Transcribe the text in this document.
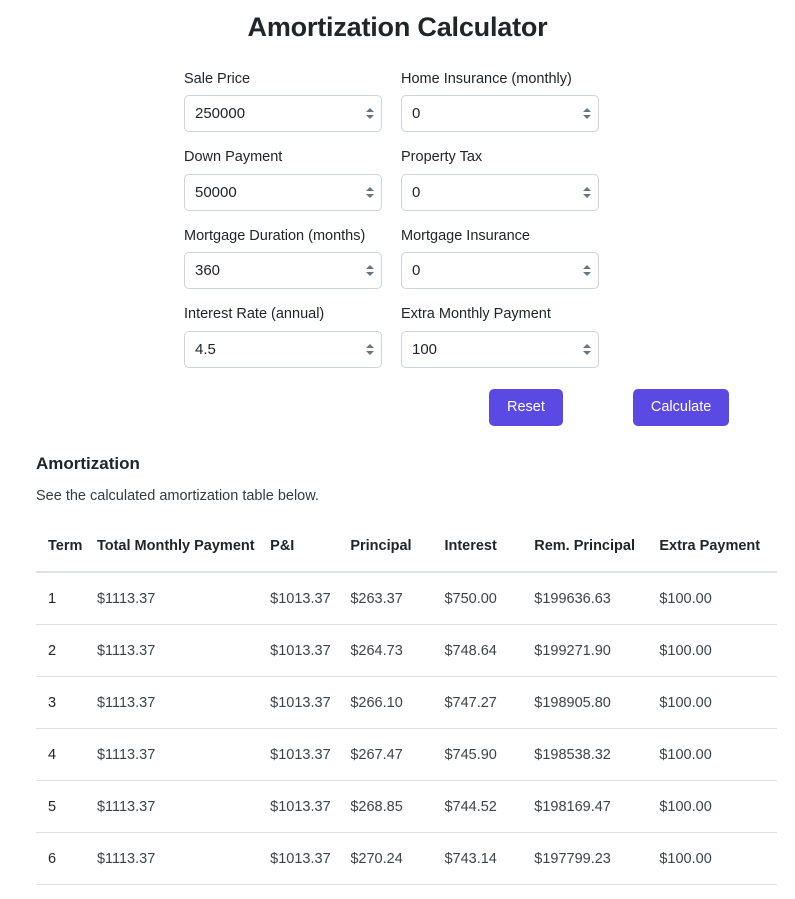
Amortization Calculator
Sale Price
250000	Home Insurance (monthly)
0
Down Payment
50000	Property Tax
0
Mortgage Duration (months)
360	Mortgage Insurance
0
Interest Rate (annual)
4.5	Extra Monthly Payment
100
Reset	Calculate
Amortization

See the calculated amortization table below.

Term	Total Monthly Payment	P&I	Principal	Interest	Rem. Principal	Extra Payment
1	$1113.37	$1013.37	$263.37	$750.00	$199636.63	$100.00
2	$1113.37	$1013.37	$264.73	$748.64	$199271.90	$100.00
3	$1113.37	$1013.37	$266.10	$747.27	$198905.80	$100.00
4	$1113.37	$1013.37	$267.47	$745.90	$198538.32	$100.00
5	$1113.37	$1013.37	$268.85	$744.52	$198169.47	$100.00
6	$1113.37	$1013.37	$270.24	$743.14	$197799.23	$100.00
